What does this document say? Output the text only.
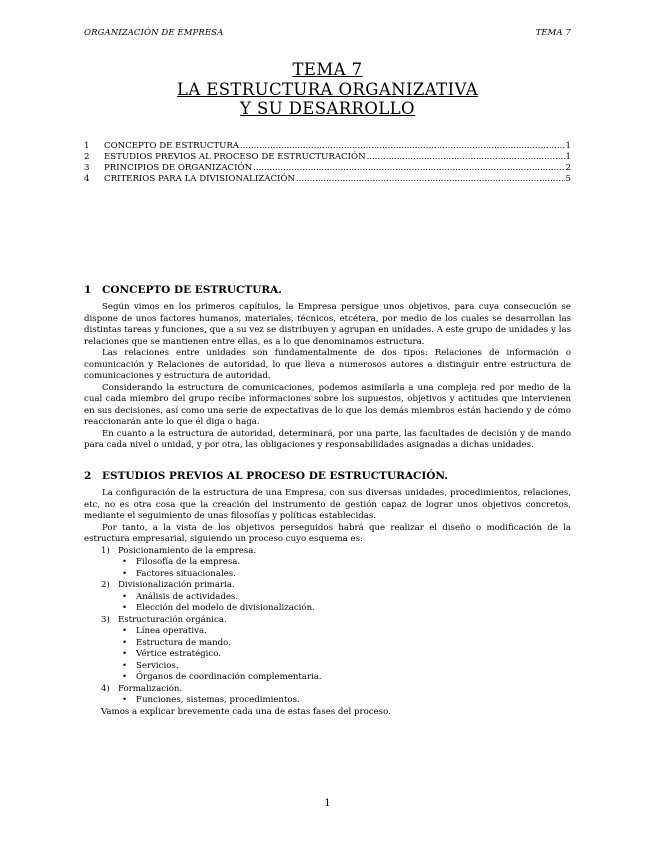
ORGANIZACIÓN DE EMPRESA	TEMA 7
TEMA 7
LA ESTRUCTURA ORGANIZATIVA
Y SU DESARROLLO
1	CONCEPTO DE ESTRUCTURA .....	1
2	ESTUDIOS PREVIOS AL PROCESO DE ESTRUCTURACIÓN .....	1
3	PRINCIPIOS DE ORGANIZACIÓN .....	2
4	CRITERIOS PARA LA DIVISIONALIZACIÓN .....	5
1	CONCEPTO DE ESTRUCTURA.

Según vimos en los primeros capítulos, la Empresa persigue unos objetivos, para cuya consecución se dispone de unos factores humanos, materiales, técnicos, etcétera, por medio de los cuales se desarrollan las distintas tareas y funciones, que a su vez se distribuyen y agrupan en unidades. A este grupo de unidades y las relaciones que se mantienen entre ellas, es a lo que denominamos estructura.

Las relaciones entre unidades son fundamentalmente de dos tipos: Relaciones de información o comunicación y Relaciones de autoridad, lo que lleva a numerosos autores a distinguir entre estructura de comunicaciones y estructura de autoridad.

Considerando la estructura de comunicaciones, podemos asimilarla a una compleja red por medio de la cual cada miembro del grupo recibe informaciones sobre los supuestos, objetivos y actitudes que intervienen en sus decisiones, así como una serie de expectativas de lo que los demás miembros están haciendo y de cómo reaccionarán ante lo que él diga o haga.

En cuanto a la estructura de autoridad, determinará, por una parte, las facultades de decisión y de mando para cada nivel o unidad, y por otra, las obligaciones y responsabilidades asignadas a dichas unidades.

2	ESTUDIOS PREVIOS AL PROCESO DE ESTRUCTURACIÓN.

La configuración de la estructura de una Empresa, con sus diversas unidades, procedimientos, relaciones, etc, no es otra cosa que la creación del instrumento de gestión capaz de lograr unos objetivos concretos, mediante el seguimiento de unas filosofías y políticas establecidas.

Por tanto, a la vista de los objetivos perseguidos habrá que realizar el diseño o modificación de la estructura empresarial, siguiendo un proceso cuyo esquema es:

1) Posicionamiento de la empresa.
•	Filosofía de la empresa.
•	Factores situacionales.
2) Divisionalización primaria.
•	Análisis de actividades.
•	Elección del modelo de divisionalización.
3) Estructuración orgánica.
•	Línea operativa.
•	Estructura de mando.
•	Vértice estratégico.
•	Servicios.
•	Órganos de coordinación complementaria.
4) Formalización.
•	Funciones, sistemas, procedimientos.

Vamos a explicar brevemente cada una de estas fases del proceso.

1
